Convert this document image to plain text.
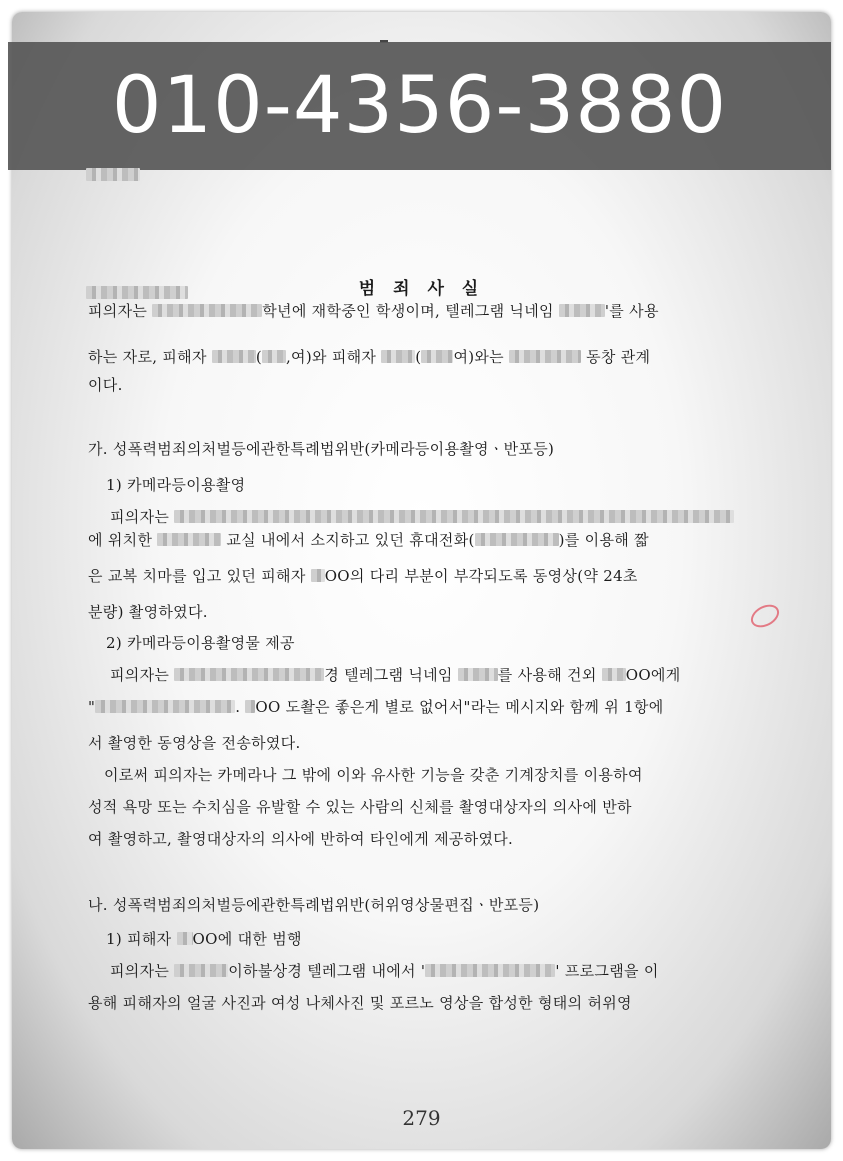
010-4356-3880
범 죄 사 실
피의자는	학년에 재학중인 학생이며, 텔레그램 닉네임	'를 사용
하는 자로, 피해자	( ,여)와 피해자 ( 여)와는	동창 관계
이다.
가. 성폭력범죄의처벌등에관한특례법위반(카메라등이용촬영ㆍ반포등)
1) 카메라등이용촬영
피의자는
에 위치한	교실 내에서 소지하고 있던 휴대전화(	)를 이용해 짧
은 교복 치마를 입고 있던 피해자 OO의 다리 부분이 부각되도록 동영상(약 24초
분량) 촬영하였다.
2) 카메라등이용촬영물 제공
피의자는	경 텔레그램 닉네임	를 사용해 건외 OO에게
"	. OO 도촬은 좋은게 별로 없어서"라는 메시지와 함께 위 1항에
서 촬영한 동영상을 전송하였다.
이로써 피의자는 카메라나 그 밖에 이와 유사한 기능을 갖춘 기계장치를 이용하여
성적 욕망 또는 수치심을 유발할 수 있는 사람의 신체를 촬영대상자의 의사에 반하
여 촬영하고, 촬영대상자의 의사에 반하여 타인에게 제공하였다.
나. 성폭력범죄의처벌등에관한특례법위반(허위영상물편집ㆍ반포등)
1) 피해자 OO에 대한 범행
피의자는	이하불상경 텔레그램 내에서 '	' 프로그램을 이
용해 피해자의 얼굴 사진과 여성 나체사진 및 포르노 영상을 합성한 형태의 허위영
279
